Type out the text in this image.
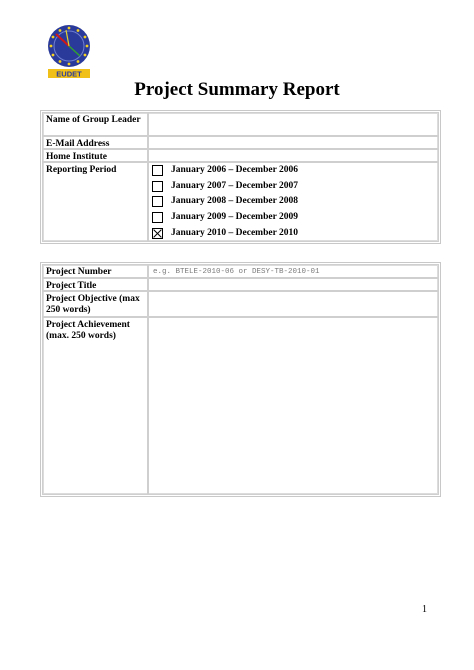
EUDET
Project Summary Report
Name of Group Leader
E-Mail Address
Home Institute
Reporting Period	January 2006 – December 2006
January 2007 – December 2007
January 2008 – December 2008
January 2009 – December 2009
January 2010 – December 2010
Project Number	e.g. BTELE-2010-06 or DESY-TB-2010-01
Project Title
Project Objective (max 250 words)
Project Achievement (max. 250 words)
1
